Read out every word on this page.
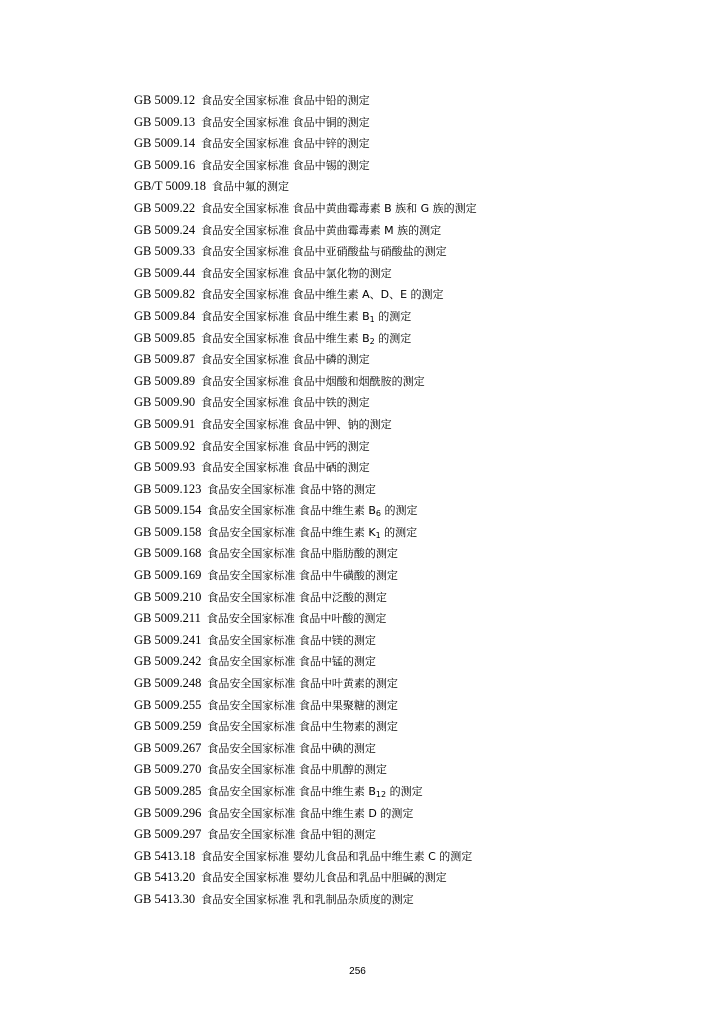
GB 5009.12 食品安全国家标准 食品中铅的测定
GB 5009.13 食品安全国家标准 食品中铜的测定
GB 5009.14 食品安全国家标准 食品中锌的测定
GB 5009.16 食品安全国家标准 食品中锡的测定
GB/T 5009.18 食品中氟的测定
GB 5009.22 食品安全国家标准 食品中黄曲霉毒素 B 族和 G 族的测定
GB 5009.24 食品安全国家标准 食品中黄曲霉毒素 M 族的测定
GB 5009.33 食品安全国家标准 食品中亚硝酸盐与硝酸盐的测定
GB 5009.44 食品安全国家标准 食品中氯化物的测定
GB 5009.82 食品安全国家标准 食品中维生素 A、D、E 的测定
GB 5009.84 食品安全国家标准 食品中维生素 $B_1$ 的测定
GB 5009.85 食品安全国家标准 食品中维生素 $B_2$ 的测定
GB 5009.87 食品安全国家标准 食品中磷的测定
GB 5009.89 食品安全国家标准 食品中烟酸和烟酰胺的测定
GB 5009.90 食品安全国家标准 食品中铁的测定
GB 5009.91 食品安全国家标准 食品中钾、钠的测定
GB 5009.92 食品安全国家标准 食品中钙的测定
GB 5009.93 食品安全国家标准 食品中硒的测定
GB 5009.123 食品安全国家标准 食品中铬的测定
GB 5009.154 食品安全国家标准 食品中维生素 $B_6$ 的测定
GB 5009.158 食品安全国家标准 食品中维生素 $K_1$ 的测定
GB 5009.168 食品安全国家标准 食品中脂肪酸的测定
GB 5009.169 食品安全国家标准 食品中牛磺酸的测定
GB 5009.210 食品安全国家标准 食品中泛酸的测定
GB 5009.211 食品安全国家标准 食品中叶酸的测定
GB 5009.241 食品安全国家标准 食品中镁的测定
GB 5009.242 食品安全国家标准 食品中锰的测定
GB 5009.248 食品安全国家标准 食品中叶黄素的测定
GB 5009.255 食品安全国家标准 食品中果聚糖的测定
GB 5009.259 食品安全国家标准 食品中生物素的测定
GB 5009.267 食品安全国家标准 食品中碘的测定
GB 5009.270 食品安全国家标准 食品中肌醇的测定
GB 5009.285 食品安全国家标准 食品中维生素 $B_{12}$ 的测定
GB 5009.296 食品安全国家标准 食品中维生素 D 的测定
GB 5009.297 食品安全国家标准 食品中钼的测定
GB 5413.18 食品安全国家标准 婴幼儿食品和乳品中维生素 C 的测定
GB 5413.20 食品安全国家标准 婴幼儿食品和乳品中胆碱的测定
GB 5413.30 食品安全国家标准 乳和乳制品杂质度的测定
256
